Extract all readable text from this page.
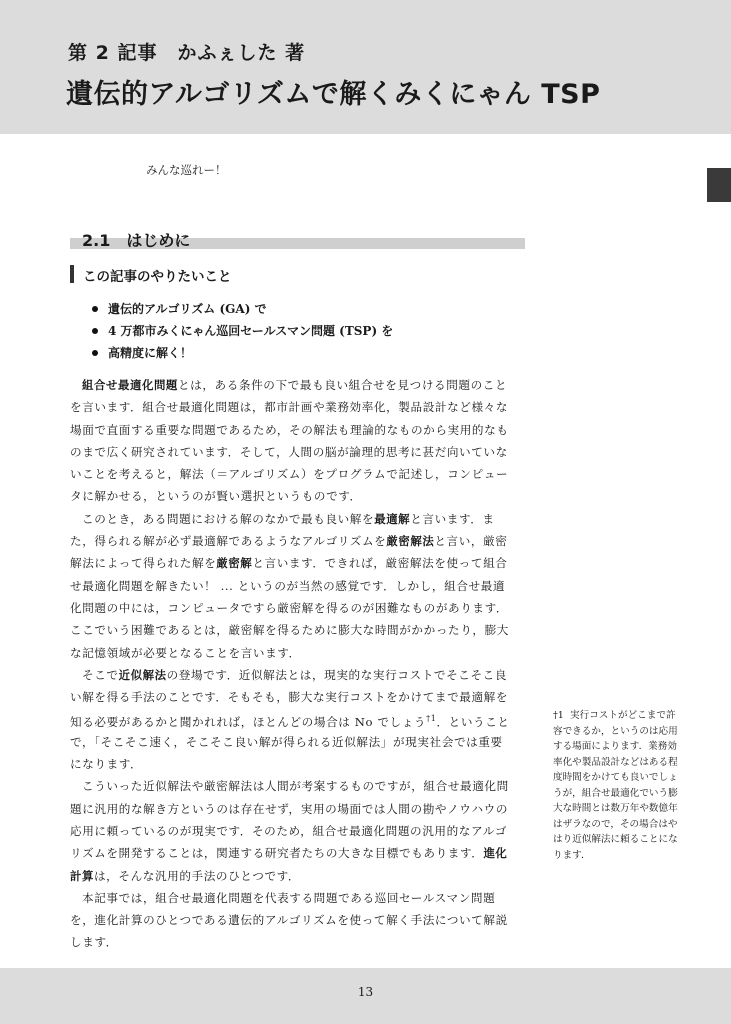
第 2 記事　かふぇした 著
遺伝的アルゴリズムで解くみくにゃん TSP
みんな巡れー！
2.1 はじめに
この記事のやりたいこと
遺伝的アルゴリズム (GA) で
4 万都市みくにゃん巡回セールスマン問題 (TSP) を
高精度に解く！
組合せ最適化問題とは，ある条件の下で最も良い組合せを見つける問題のこと
を言います．組合せ最適化問題は，都市計画や業務効率化，製品設計など様々な
場面で直面する重要な問題であるため，その解法も理論的なものから実用的なも
のまで広く研究されています．そして，人間の脳が論理的思考に甚だ向いていな
いことを考えると，解法（＝アルゴリズム）をプログラムで記述し，コンピュー
タに解かせる，というのが賢い選択というものです．
このとき，ある問題における解のなかで最も良い解を最適解と言います．ま
た，得られる解が必ず最適解であるようなアルゴリズムを厳密解法と言い，厳密
解法によって得られた解を厳密解と言います．できれば，厳密解法を使って組合
せ最適化問題を解きたい！ ... というのが当然の感覚です．しかし，組合せ最適
化問題の中には，コンピュータですら厳密解を得るのが困難なものがあります．
ここでいう困難であるとは，厳密解を得るために膨大な時間がかかったり，膨大
な記憶領域が必要となることを言います．
そこで近似解法の登場です．近似解法とは，現実的な実行コストでそこそこ良
い解を得る手法のことです．そもそも，膨大な実行コストをかけてまで最適解を
知る必要があるかと聞かれれば，ほとんどの場合は No でしょう$^{\dagger 1}$．ということ
で，「そこそこ速く，そこそこ良い解が得られる近似解法」が現実社会では重要
になります．
こういった近似解法や厳密解法は人間が考案するものですが，組合せ最適化問
題に汎用的な解き方というのは存在せず，実用の場面では人間の勘やノウハウの
応用に頼っているのが現実です．そのため，組合せ最適化問題の汎用的なアルゴ
リズムを開発することは，関連する研究者たちの大きな目標でもあります．進化
計算は，そんな汎用的手法のひとつです．
本記事では，組合せ最適化問題を代表する問題である巡回セールスマン問題
を，進化計算のひとつである遺伝的アルゴリズムを使って解く手法について解説
します．
†1 実行コストがどこまで許
容できるか，というのは応用
する場面によります．業務効
率化や製品設計などはある程
度時間をかけても良いでしょ
うが，組合せ最適化でいう膨
大な時間とは数万年や数億年
はザラなので，その場合はや
はり近似解法に頼ることにな
ります．
13
